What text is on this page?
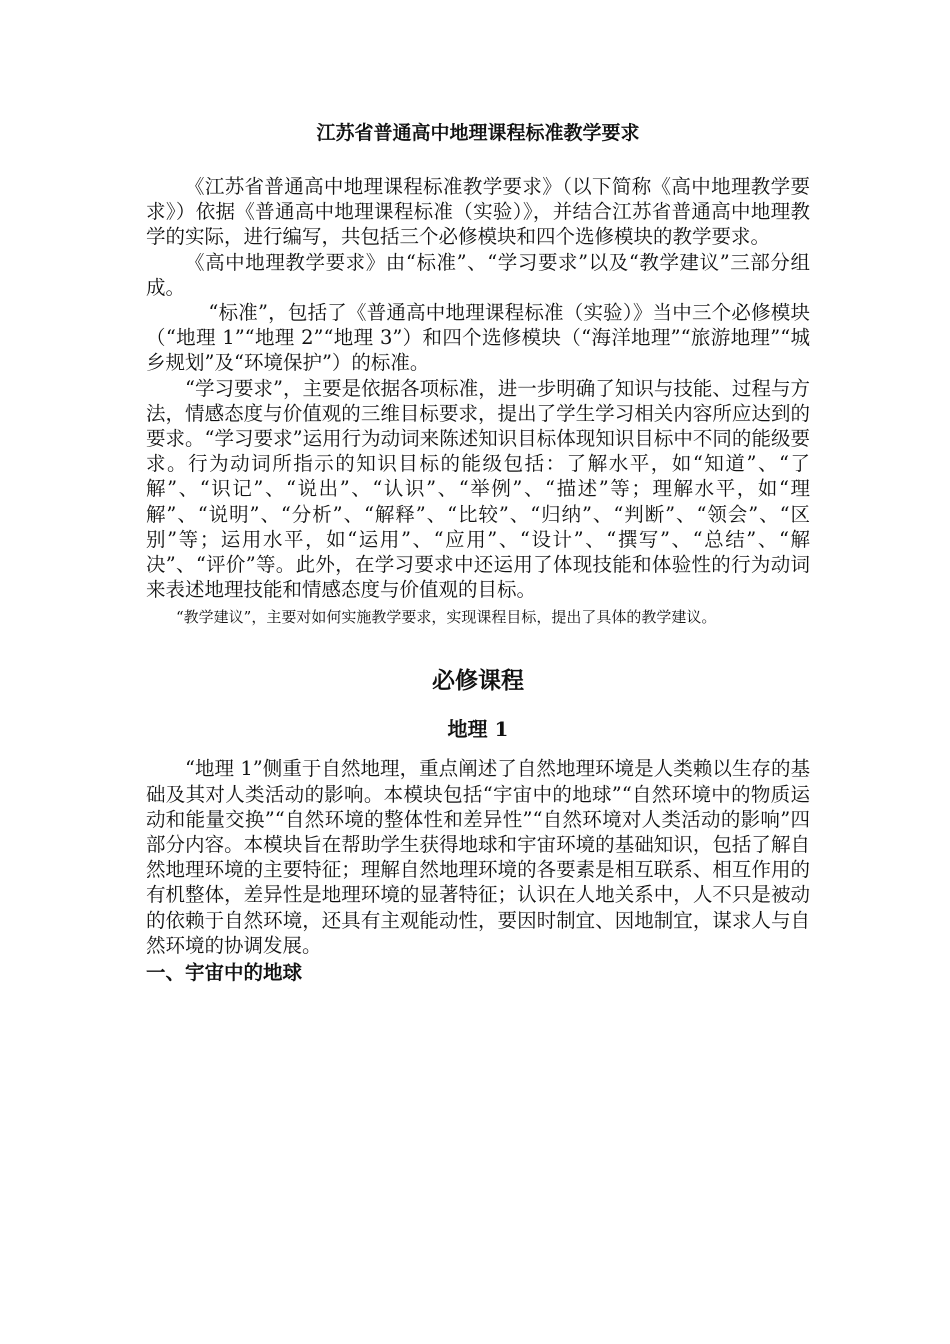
江苏省普通高中地理课程标准教学要求

《江苏省普通高中地理课程标准教学要求》（以下简称《高中地理教学要求》）依据《普通高中地理课程标准（实验）》，并结合江苏省普通高中地理教学的实际，进行编写，共包括三个必修模块和四个选修模块的教学要求。

《高中地理教学要求》由“标准”、“学习要求”以及“教学建议”三部分组成。

“标准”，包括了《普通高中地理课程标准（实验）》当中三个必修模块（“地理 1”“地理 2”“地理 3”）和四个选修模块（“海洋地理”“旅游地理”“城乡规划”及“环境保护”）的标准。

“学习要求”，主要是依据各项标准，进一步明确了知识与技能、过程与方法，情感态度与价值观的三维目标要求，提出了学生学习相关内容所应达到的要求。“学习要求”运用行为动词来陈述知识目标体现知识目标中不同的能级要求。行为动词所指示的知识目标的能级包括：了解水平，如“知道”、“了解”、“识记”、“说出”、“认识”、“举例”、“描述”等；理解水平，如“理解”、“说明”、“分析”、“解释”、“比较”、“归纳”、“判断”、“领会”、“区别”等；运用水平，如“运用”、“应用”、“设计”、“撰写”、“总结”、“解决”、“评价”等。此外，在学习要求中还运用了体现技能和体验性的行为动词来表述地理技能和情感态度与价值观的目标。

“教学建议”，主要对如何实施教学要求，实现课程目标，提出了具体的教学建议。

必修课程
地理 1

“地理 1”侧重于自然地理，重点阐述了自然地理环境是人类赖以生存的基础及其对人类活动的影响。本模块包括“宇宙中的地球”“自然环境中的物质运动和能量交换”“自然环境的整体性和差异性”“自然环境对人类活动的影响”四部分内容。本模块旨在帮助学生获得地球和宇宙环境的基础知识，包括了解自然地理环境的主要特征；理解自然地理环境的各要素是相互联系、相互作用的有机整体，差异性是地理环境的显著特征；认识在人地关系中，人不只是被动的依赖于自然环境，还具有主观能动性，要因时制宜、因地制宜，谋求人与自然环境的协调发展。

一、宇宙中的地球
